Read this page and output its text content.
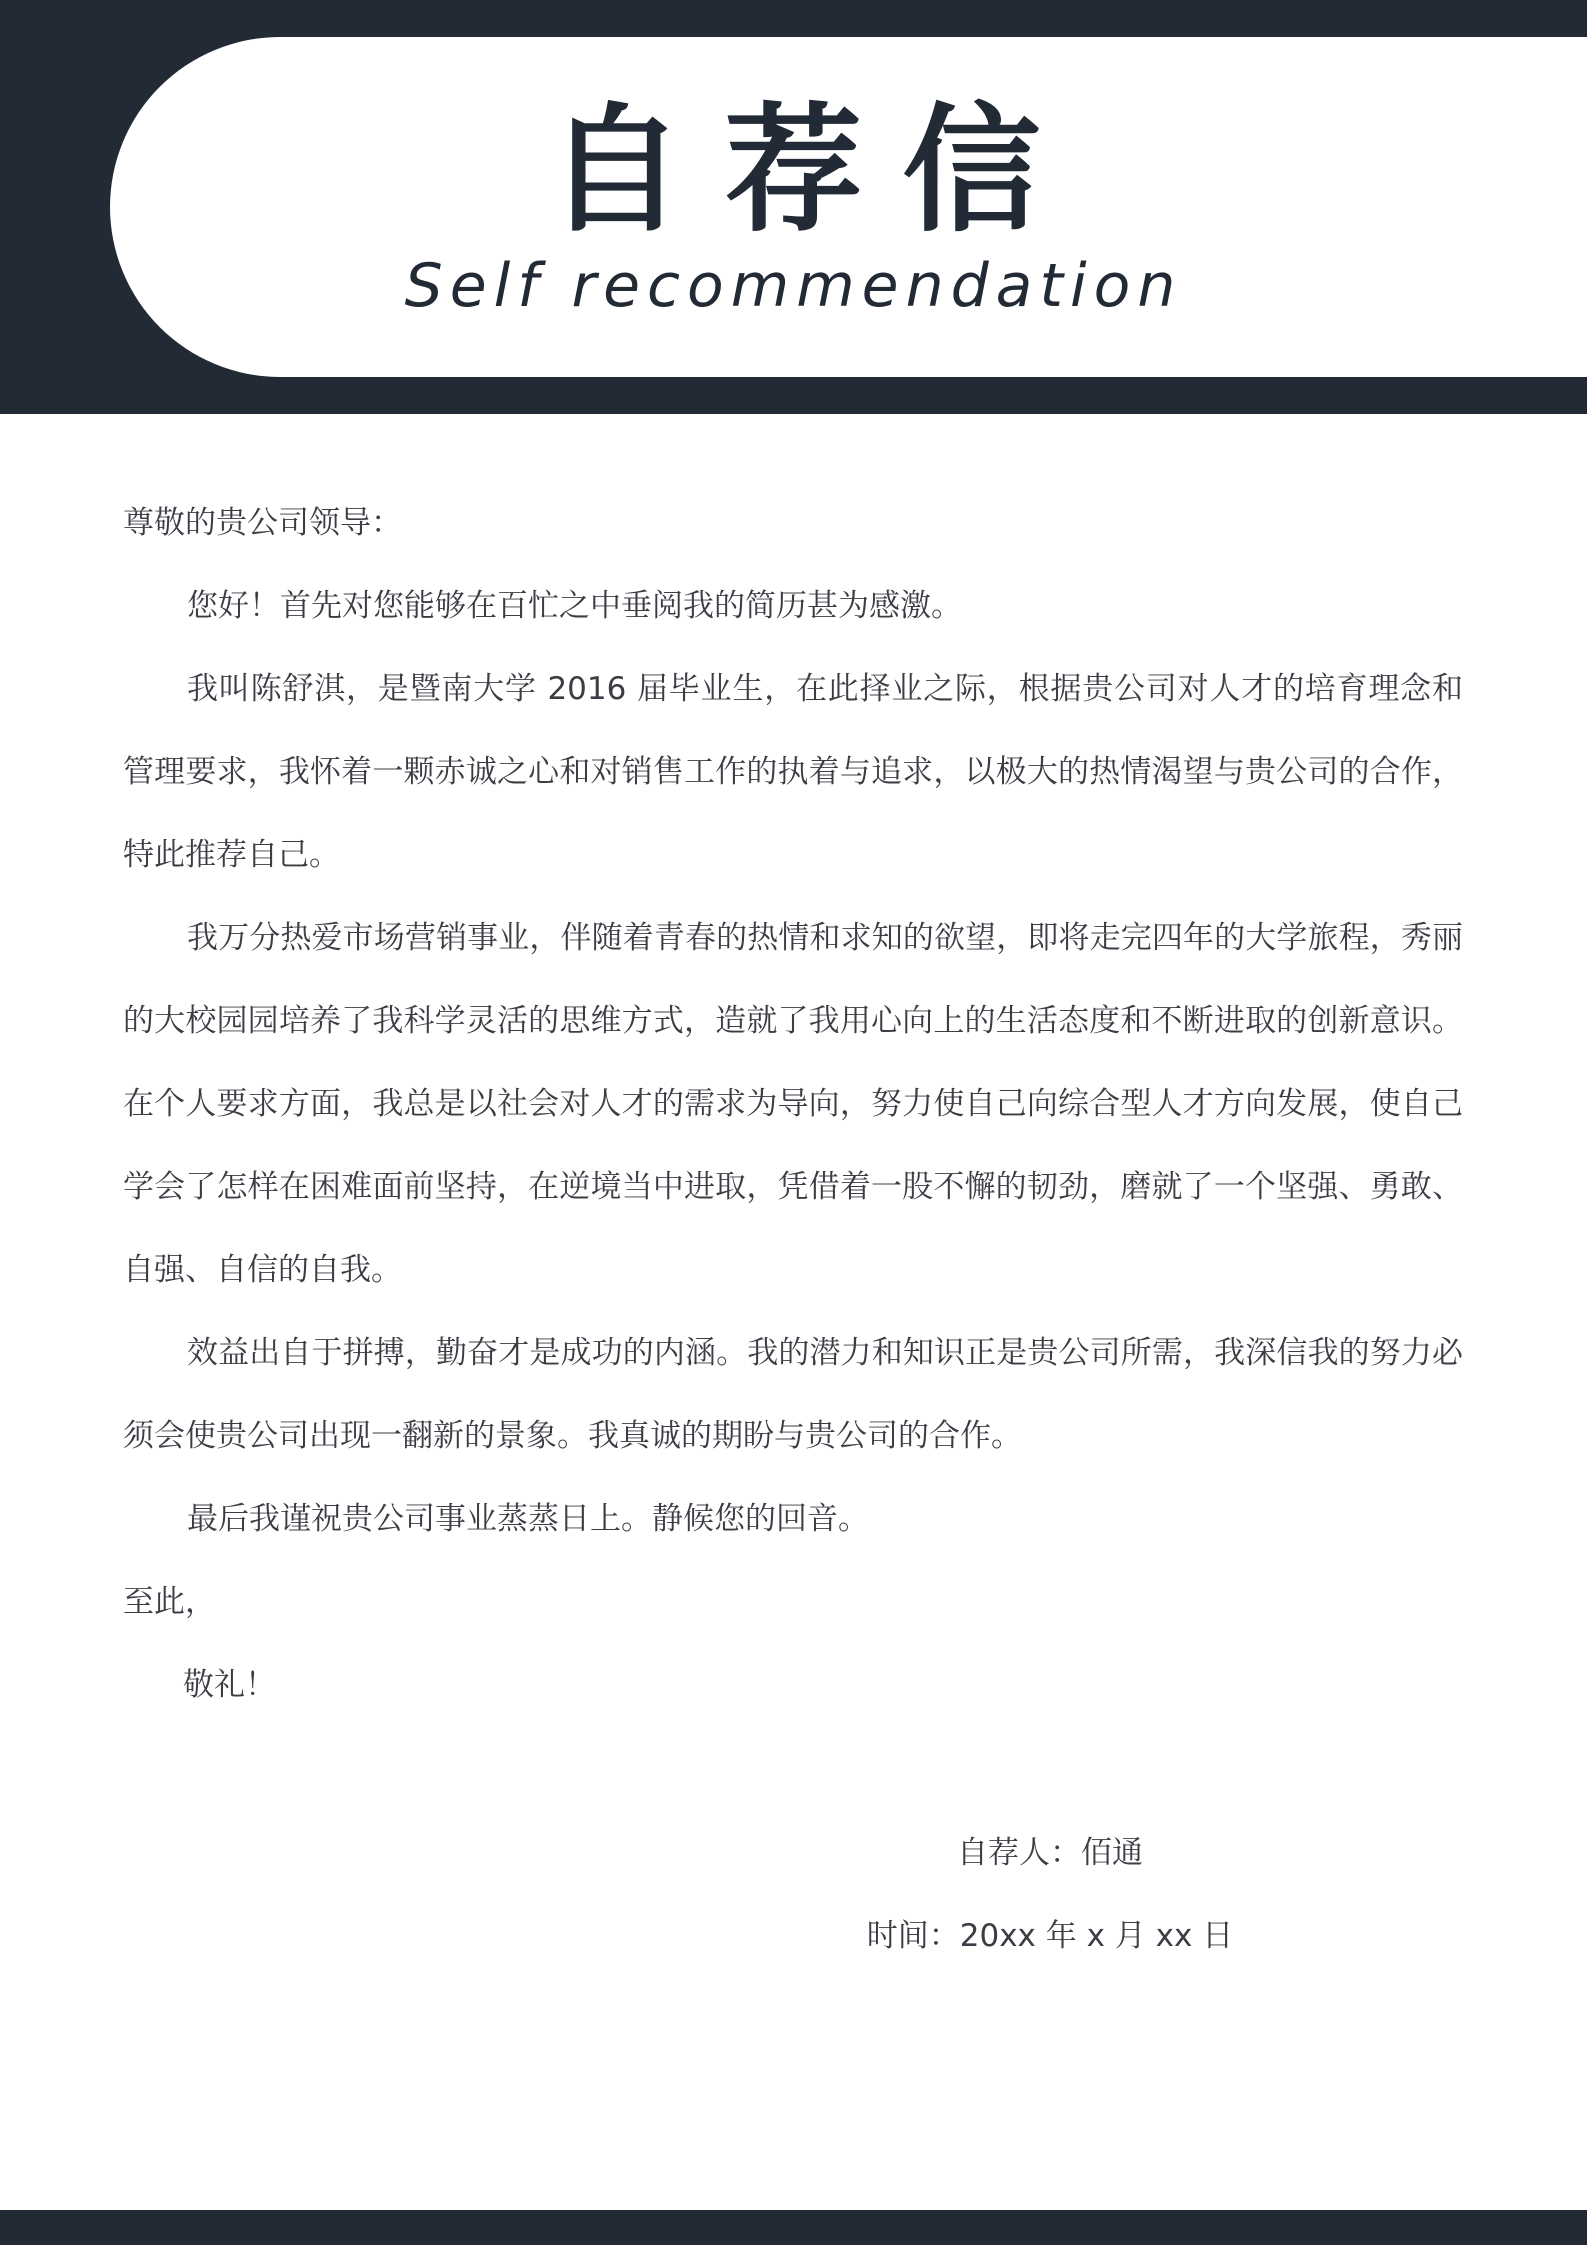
自荐信
Self recommendation

尊敬的贵公司领导：

您好！首先对您能够在百忙之中垂阅我的简历甚为感激。

我叫陈舒淇，是暨南大学 2016 届毕业生，在此择业之际，根据贵公司对人才的培育理念和管理要求，我怀着一颗赤诚之心和对销售工作的执着与追求，以极大的热情渴望与贵公司的合作，特此推荐自己。

我万分热爱市场营销事业，伴随着青春的热情和求知的欲望，即将走完四年的大学旅程，秀丽的大校园园培养了我科学灵活的思维方式，造就了我用心向上的生活态度和不断进取的创新意识。在个人要求方面，我总是以社会对人才的需求为导向，努力使自己向综合型人才方向发展，使自己学会了怎样在困难面前坚持，在逆境当中进取，凭借着一股不懈的韧劲，磨就了一个坚强、勇敢、自强、自信的自我。

效益出自于拼搏，勤奋才是成功的内涵。我的潜力和知识正是贵公司所需，我深信我的努力必须会使贵公司出现一翻新的景象。我真诚的期盼与贵公司的合作。

最后我谨祝贵公司事业蒸蒸日上。静候您的回音。

至此，

敬礼！

自荐人：佰通
时间：20xx 年 x 月 xx 日
